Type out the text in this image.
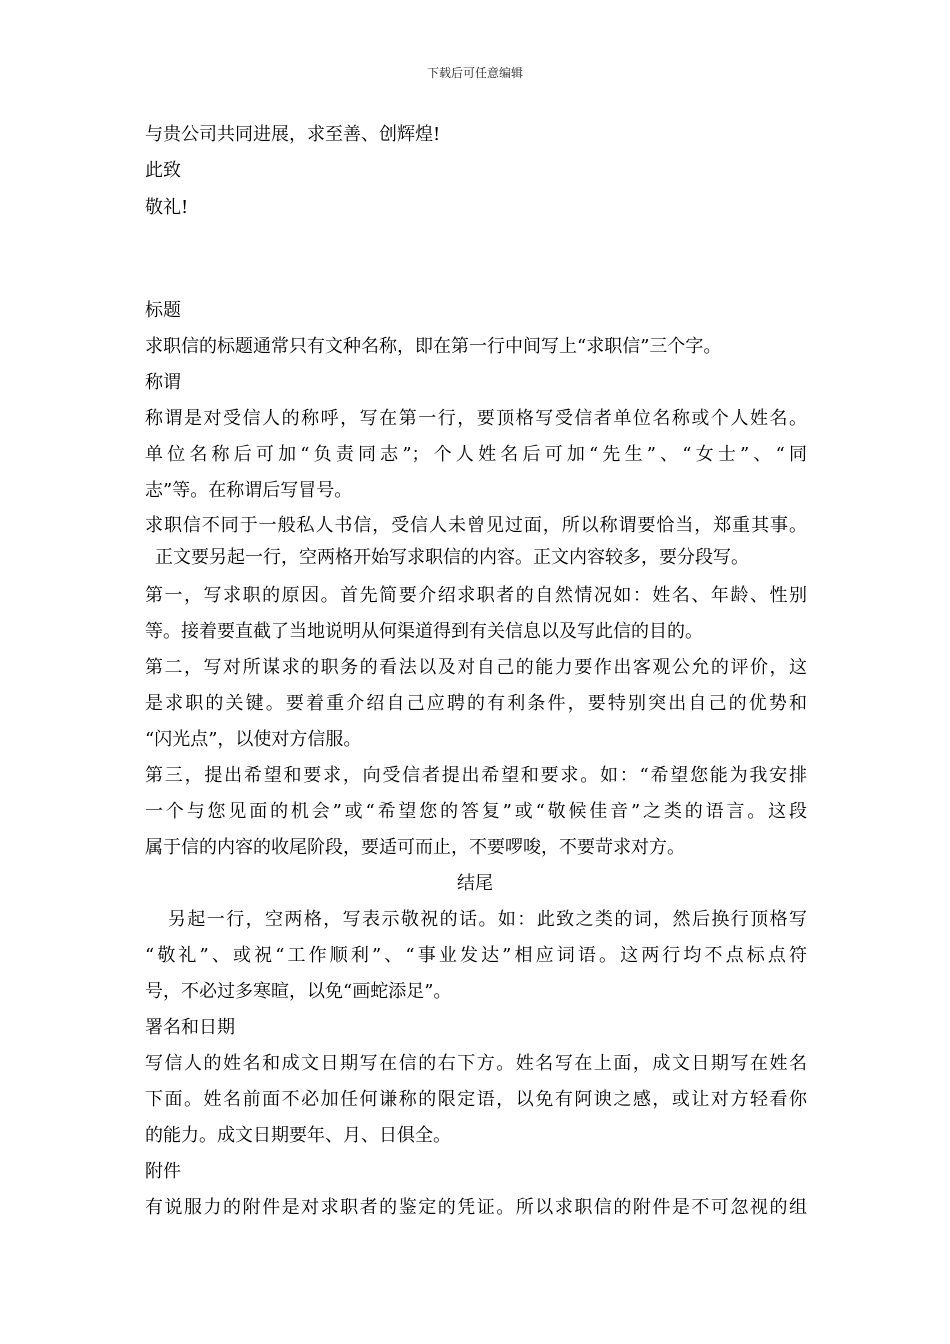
下载后可任意编辑
与贵公司共同进展，求至善、创辉煌!
此致
敬礼!
标题
求职信的标题通常只有文种名称，即在第一行中间写上“求职信”三个字。
称谓
称谓是对受信人的称呼，写在第一行，要顶格写受信者单位名称或个人姓名。
单位名称后可加“负责同志”；个人姓名后可加“先生”、“女士”、“同
志”等。在称谓后写冒号。
求职信不同于一般私人书信，受信人未曾见过面，所以称谓要恰当，郑重其事。
正文要另起一行，空两格开始写求职信的内容。正文内容较多，要分段写。
第一，写求职的原因。首先简要介绍求职者的自然情况如：姓名、年龄、性别
等。接着要直截了当地说明从何渠道得到有关信息以及写此信的目的。
第二，写对所谋求的职务的看法以及对自己的能力要作出客观公允的评价，这
是求职的关键。要着重介绍自己应聘的有利条件，要特别突出自己的优势和
“闪光点”，以使对方信服。
第三，提出希望和要求，向受信者提出希望和要求。如：“希望您能为我安排
一个与您见面的机会”或“希望您的答复”或“敬候佳音”之类的语言。这段
属于信的内容的收尾阶段，要适可而止，不要啰唆，不要苛求对方。
结尾
另起一行，空两格，写表示敬祝的话。如：此致之类的词，然后换行顶格写
“敬礼”、或祝“工作顺利”、“事业发达”相应词语。这两行均不点标点符
号，不必过多寒暄，以免“画蛇添足”。
署名和日期
写信人的姓名和成文日期写在信的右下方。姓名写在上面，成文日期写在姓名
下面。姓名前面不必加任何谦称的限定语，以免有阿谀之感，或让对方轻看你
的能力。成文日期要年、月、日俱全。
附件
有说服力的附件是对求职者的鉴定的凭证。所以求职信的附件是不可忽视的组
